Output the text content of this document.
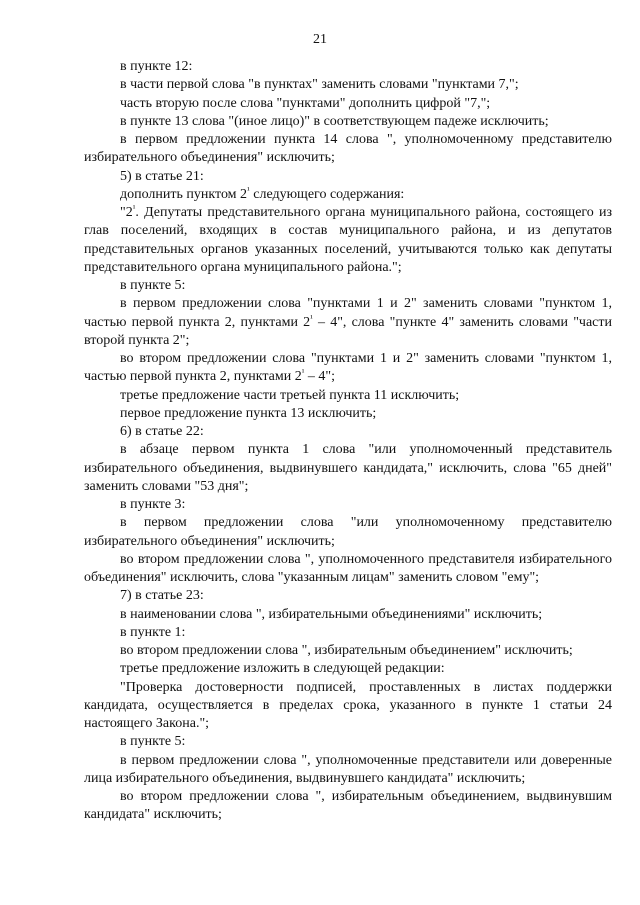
21

в пункте 12:

в части первой слова "в пунктах" заменить словами "пунктами 7,";

часть вторую после слова "пунктами" дополнить цифрой "7,";

в пункте 13 слова "(иное лицо)" в соответствующем падеже исключить;

в первом предложении пункта 14 слова ", уполномоченному представителю избирательного объединения" исключить;

5) в статье 21:

дополнить пунктом $2^{^1}$ следующего содержания:

"$2^{^1}$. Депутаты представительного органа муниципального района, состоящего из глав поселений, входящих в состав муниципального района, и из депутатов представительных органов указанных поселений, учитываются только как депутаты представительного органа муниципального района.";

в пункте 5:

в первом предложении слова "пунктами 1 и 2" заменить словами "пунктом 1, частью первой пункта 2, пунктами $2^{^1} - 4$", слова "пункте 4" заменить словами "части второй пункта 2";

во втором предложении слова "пунктами 1 и 2" заменить словами "пунктом 1, частью первой пункта 2, пунктами $2^{^1} - 4$";

третье предложение части третьей пункта 11 исключить;

первое предложение пункта 13 исключить;

6) в статье 22:

в абзаце первом пункта 1 слова "или уполномоченный представитель избирательного объединения, выдвинувшего кандидата," исключить, слова "65 дней" заменить словами "53 дня";

в пункте 3:

в первом предложении слова "или уполномоченному представителю избирательного объединения" исключить;

во втором предложении слова ", уполномоченного представителя избирательного объединения" исключить, слова "указанным лицам" заменить словом "ему";

7) в статье 23:

в наименовании слова ", избирательными объединениями" исключить;

в пункте 1:

во втором предложении слова ", избирательным объединением" исключить;

третье предложение изложить в следующей редакции:

"Проверка достоверности подписей, проставленных в листах поддержки кандидата, осуществляется в пределах срока, указанного в пункте 1 статьи 24 настоящего Закона.";

в пункте 5:

в первом предложении слова ", уполномоченные представители или доверенные лица избирательного объединения, выдвинувшего кандидата" исключить;

во втором предложении слова ", избирательным объединением, выдвинувшим кандидата" исключить;
